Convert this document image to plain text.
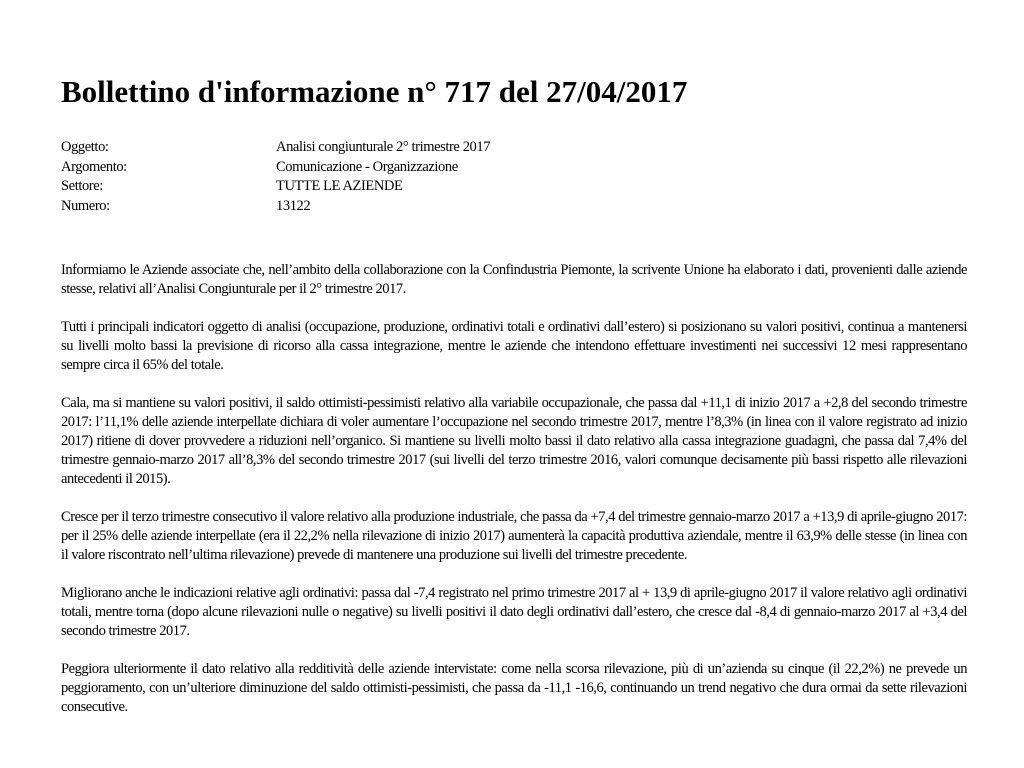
Bollettino d'informazione n° 717 del 27/04/2017
Oggetto:	Analisi congiunturale 2° trimestre 2017
Argomento:	Comunicazione - Organizzazione
Settore:	TUTTE LE AZIENDE
Numero:	13122

Informiamo le Aziende associate che, nell’ambito della collaborazione con la Confindustria Piemonte, la scrivente Unione ha elaborato i dati, provenienti dalle aziende stesse, relativi all’Analisi Congiunturale per il 2° trimestre 2017.

Tutti i principali indicatori oggetto di analisi (occupazione, produzione, ordinativi totali e ordinativi dall’estero) si posizionano su valori positivi, continua a mantenersi su livelli molto bassi la previsione di ricorso alla cassa integrazione, mentre le aziende che intendono effettuare investimenti nei successivi 12 mesi rappresentano sempre circa il 65% del totale.

Cala, ma si mantiene su valori positivi, il saldo ottimisti-pessimisti relativo alla variabile occupazionale, che passa dal +11,1 di inizio 2017 a +2,8 del secondo trimestre 2017: l’11,1% delle aziende interpellate dichiara di voler aumentare l’occupazione nel secondo trimestre 2017, mentre l’8,3% (in linea con il valore registrato ad inizio 2017) ritiene di dover provvedere a riduzioni nell’organico. Si mantiene su livelli molto bassi il dato relativo alla cassa integrazione guadagni, che passa dal 7,4% del trimestre gennaio-marzo 2017 all’8,3% del secondo trimestre 2017 (sui livelli del terzo trimestre 2016, valori comunque decisamente più bassi rispetto alle rilevazioni antecedenti il 2015).

Cresce per il terzo trimestre consecutivo il valore relativo alla produzione industriale, che passa da +7,4 del trimestre gennaio-marzo 2017 a +13,9 di aprile-giugno 2017: per il 25% delle aziende interpellate (era il 22,2% nella rilevazione di inizio 2017) aumenterà la capacità produttiva aziendale, mentre il 63,9% delle stesse (in linea con il valore riscontrato nell’ultima rilevazione) prevede di mantenere una produzione sui livelli del trimestre precedente.

Migliorano anche le indicazioni relative agli ordinativi: passa dal -7,4 registrato nel primo trimestre 2017 al + 13,9 di aprile-giugno 2017 il valore relativo agli ordinativi totali, mentre torna (dopo alcune rilevazioni nulle o negative) su livelli positivi il dato degli ordinativi dall’estero, che cresce dal -8,4 di gennaio-marzo 2017 al +3,4 del secondo trimestre 2017.

Peggiora ulteriormente il dato relativo alla redditività delle aziende intervistate: come nella scorsa rilevazione, più di un’azienda su cinque (il 22,2%) ne prevede un peggioramento, con un’ulteriore diminuzione del saldo ottimisti-pessimisti, che passa da -11,1 -16,6, continuando un trend negativo che dura ormai da sette rilevazioni consecutive.
